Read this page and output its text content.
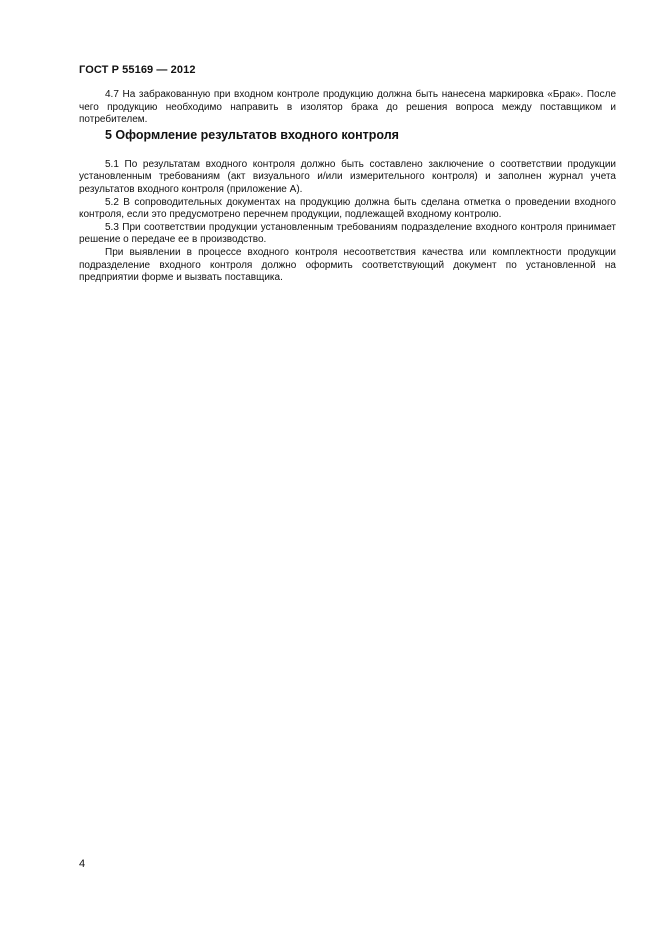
ГОСТ Р 55169 — 2012

4.7 На забракованную при входном контроле продукцию должна быть нанесена маркировка «Брак». После чего продукцию необходимо направить в изолятор брака до решения вопроса между поставщиком и потребителем.

5 Оформление результатов входного контроля

5.1 По результатам входного контроля должно быть составлено заключение о соответствии продукции установленным требованиям (акт визуального и/или измерительного контроля) и заполнен журнал учета результатов входного контроля (приложение А).

5.2 В сопроводительных документах на продукцию должна быть сделана отметка о проведении входного контроля, если это предусмотрено перечнем продукции, подлежащей входному контролю.

5.3 При соответствии продукции установленным требованиям подразделение входного контроля принимает решение о передаче ее в производство.

При выявлении в процессе входного контроля несоответствия качества или комплектности продукции подразделение входного контроля должно оформить соответствующий документ по установленной на предприятии форме и вызвать поставщика.

4
